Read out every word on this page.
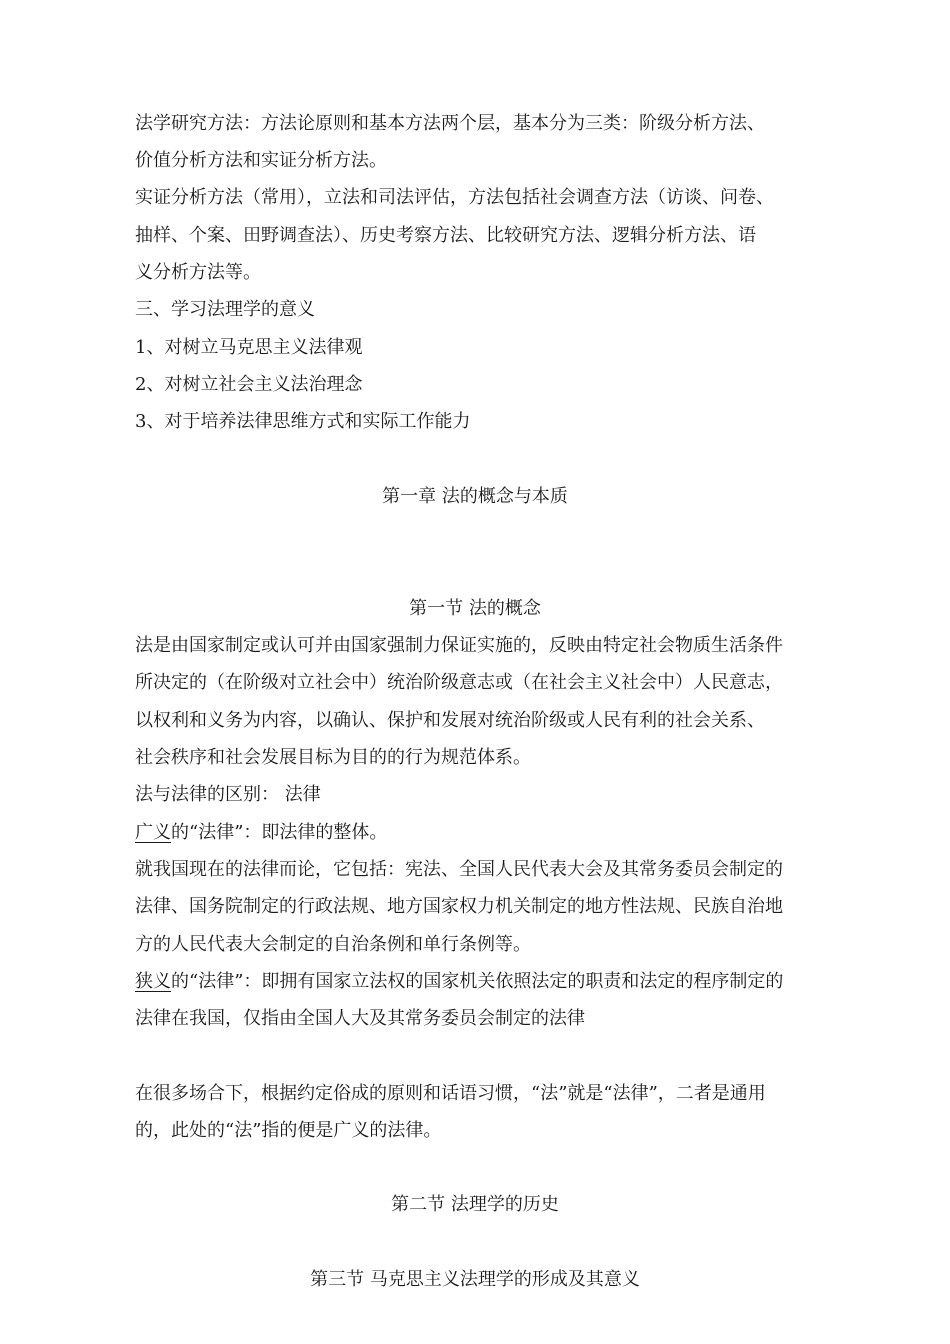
法学研究方法：方法论原则和基本方法两个层，基本分为三类：阶级分析方法、

价值分析方法和实证分析方法。

实证分析方法（常用），立法和司法评估，方法包括社会调查方法（访谈、问卷、

抽样、个案、田野调查法）、历史考察方法、比较研究方法、逻辑分析方法、语

义分析方法等。

三、学习法理学的意义

1、对树立马克思主义法律观

2、对树立社会主义法治理念

3、对于培养法律思维方式和实际工作能力

第一章 法的概念与本质

第一节 法的概念

法是由国家制定或认可并由国家强制力保证实施的，反映由特定社会物质生活条件

所决定的（在阶级对立社会中）统治阶级意志或（在社会主义社会中）人民意志，

以权利和义务为内容，以确认、保护和发展对统治阶级或人民有利的社会关系、

社会秩序和社会发展目标为目的的行为规范体系。

法与法律的区别： 法律

广义的“法律”：即法律的整体。

就我国现在的法律而论，它包括：宪法、全国人民代表大会及其常务委员会制定的

法律、国务院制定的行政法规、地方国家权力机关制定的地方性法规、民族自治地

方的人民代表大会制定的自治条例和单行条例等。

狭义的“法律”：即拥有国家立法权的国家机关依照法定的职责和法定的程序制定的

法律在我国，仅指由全国人大及其常务委员会制定的法律

在很多场合下，根据约定俗成的原则和话语习惯，“法”就是“法律”，二者是通用

的，此处的“法”指的便是广义的法律。

第二节 法理学的历史

第三节 马克思主义法理学的形成及其意义
